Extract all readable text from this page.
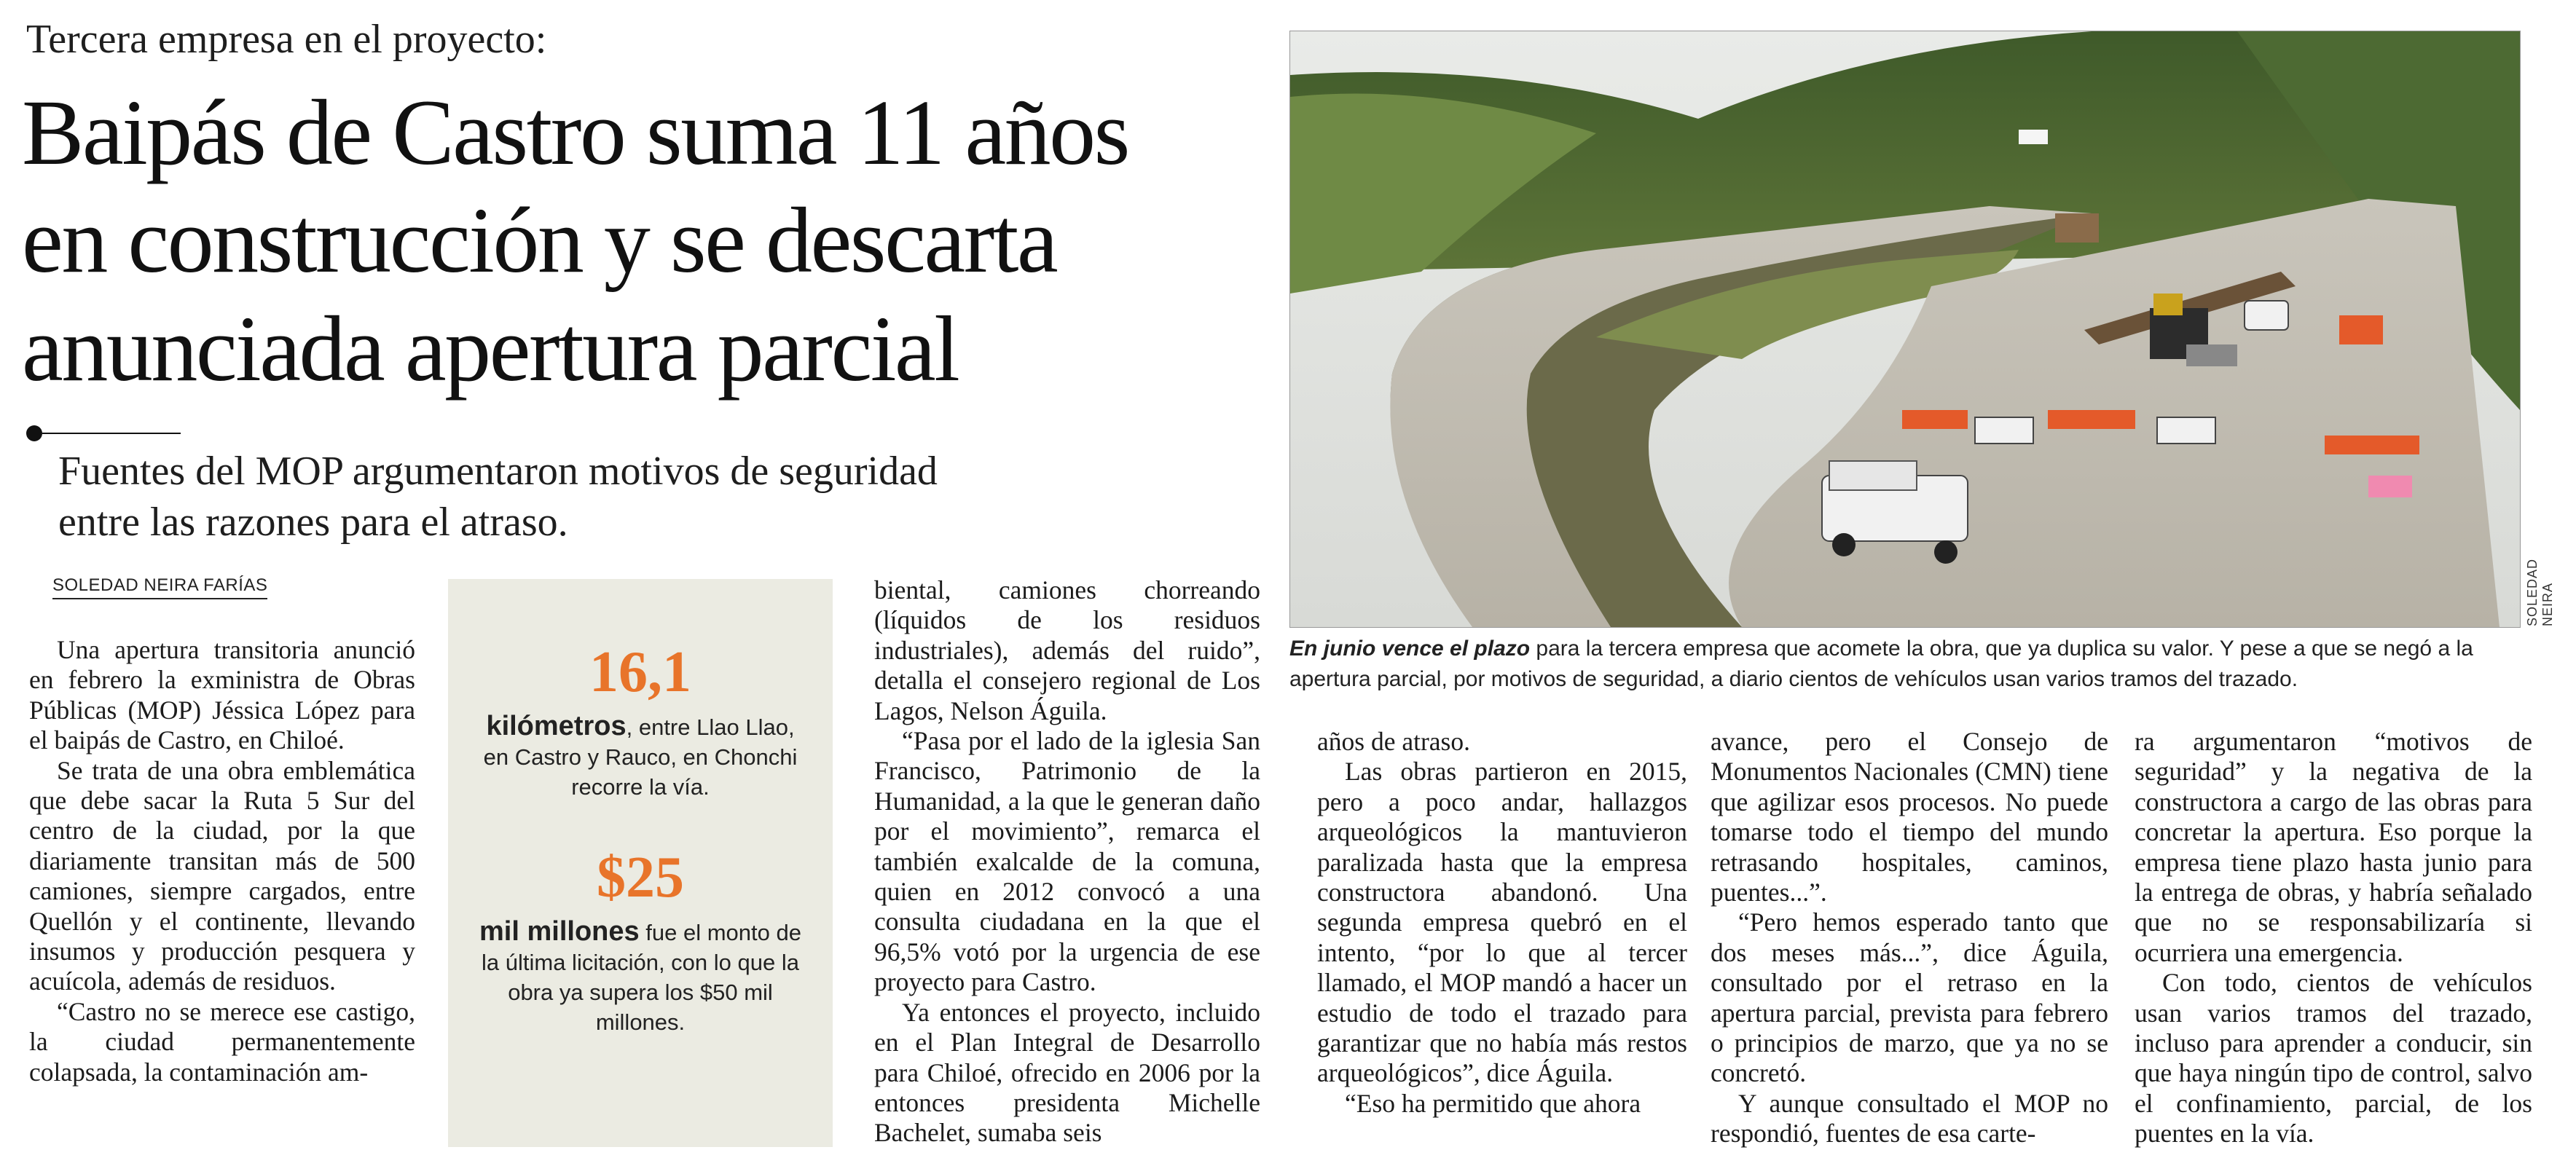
Tercera empresa en el proyecto:
Baipás de Castro suma 11 años
en construcción y se descarta
anunciada apertura parcial
Fuentes del MOP argumentaron motivos de seguridad
entre las razones para el atraso.
SOLEDAD NEIRA FARÍAS

Una apertura transitoria anunció en febrero la exministra de Obras Públicas (MOP) Jéssica López para el baipás de Castro, en Chiloé.

Se trata de una obra emblemática que debe sacar la Ruta 5 Sur del centro de la ciudad, por la que diariamente transitan más de 500 camiones, siempre cargados, entre Quellón y el continente, llevando insumos y producción pesquera y acuícola, además de residuos.

“Castro no se merece ese castigo, la ciudad permanentemente colapsada, la contaminación am-

16,1
kilómetros, entre Llao Llao, en Castro y Rauco, en Chonchi recorre la vía.
$25
mil millones fue el monto de la última licitación, con lo que la obra ya supera los $50 mil millones.

biental, camiones chorreando (líquidos de los residuos industriales), además del ruido”, detalla el consejero regional de Los Lagos, Nelson Águila.

“Pasa por el lado de la iglesia San Francisco, Patrimonio de la Humanidad, a la que le generan daño por el movimiento”, remarca el también exalcalde de la comuna, quien en 2012 convocó a una consulta ciudadana en la que el 96,5% votó por la urgencia de ese proyecto para Castro.

Ya entonces el proyecto, incluido en el Plan Integral de Desarrollo para Chiloé, ofrecido en 2006 por la entonces presidenta Michelle Bachelet, sumaba seis

SOLEDAD NEIRA
En junio vence el plazo para la tercera empresa que acomete la obra, que ya duplica su valor. Y pese a que se negó a la apertura parcial, por motivos de seguridad, a diario cientos de vehículos usan varios tramos del trazado.

años de atraso.

Las obras partieron en 2015, pero a poco andar, hallazgos arqueológicos la mantuvieron paralizada hasta que la empresa constructora abandonó. Una segunda empresa quebró en el intento, “por lo que al tercer llamado, el MOP mandó a hacer un estudio de todo el trazado para garantizar que no había más restos arqueológicos”, dice Águila.

“Eso ha permitido que ahora

avance, pero el Consejo de Monumentos Nacionales (CMN) tiene que agilizar esos procesos. No puede tomarse todo el tiempo del mundo retrasando hospitales, caminos, puentes...”.

“Pero hemos esperado tanto que dos meses más...”, dice Águila, consultado por el retraso en la apertura parcial, prevista para febrero o principios de marzo, que ya no se concretó.

Y aunque consultado el MOP no respondió, fuentes de esa carte-

ra argumentaron “motivos de seguridad” y la negativa de la constructora a cargo de las obras para concretar la apertura. Eso porque la empresa tiene plazo hasta junio para la entrega de obras, y habría señalado que no se responsabilizaría si ocurriera una emergencia.

Con todo, cientos de vehículos usan varios tramos del trazado, incluso para aprender a conducir, sin que haya ningún tipo de control, salvo el confinamiento, parcial, de los puentes en la vía.
